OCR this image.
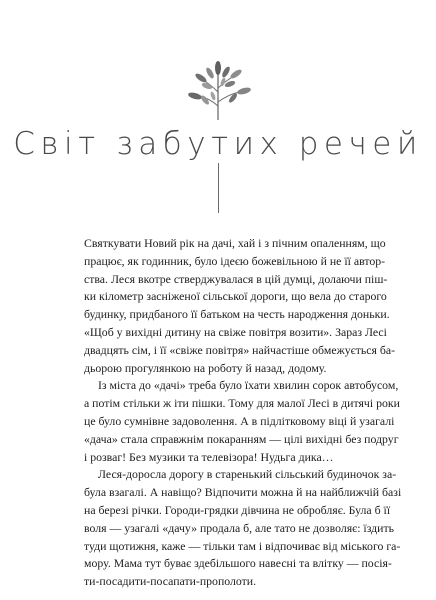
Світ забутих речей
Святкувати Новий рік на дачі, хай і з пічним опаленням, що
працює, як годинник, було ідеєю божевільною й не її автор-
ства. Леся вкотре стверджувалася в цій думці, долаючи піш-
ки кілометр засніженої сільської дороги, що вела до старого
будинку, придбаного її батьком на честь народження доньки.
«Щоб у вихідні дитину на свіже повітря возити». Зараз Лесі
двадцять сім, і її «свіже повітря» найчастіше обмежується ба-
дьорою прогулянкою на роботу й назад, додому.
Із міста до «дачі» треба було їхати хвилин сорок автобусом,
а потім стільки ж іти пішки. Тому для малої Лесі в дитячі роки
це було сумнівне задоволення. А в підлітковому віці й узагалі
«дача» стала справжнім покаранням — цілі вихідні без подруг
і розваг! Без музики та телевізора! Нудьга дика…
Леся-доросла дорогу в старенький сільський будиночок за-
була взагалі. А навіщо? Відпочити можна й на найближчій базі
на березі річки. Городи-грядки дівчина не обробляє. Була б її
воля — узагалі «дачу» продала б, але тато не дозволяє: їздить
туди щотижня, каже — тільки там і відпочиває від міського га-
мору. Мама тут буває здебільшого навесні та влітку — посія-
ти-посадити-посапати-прополоти.
